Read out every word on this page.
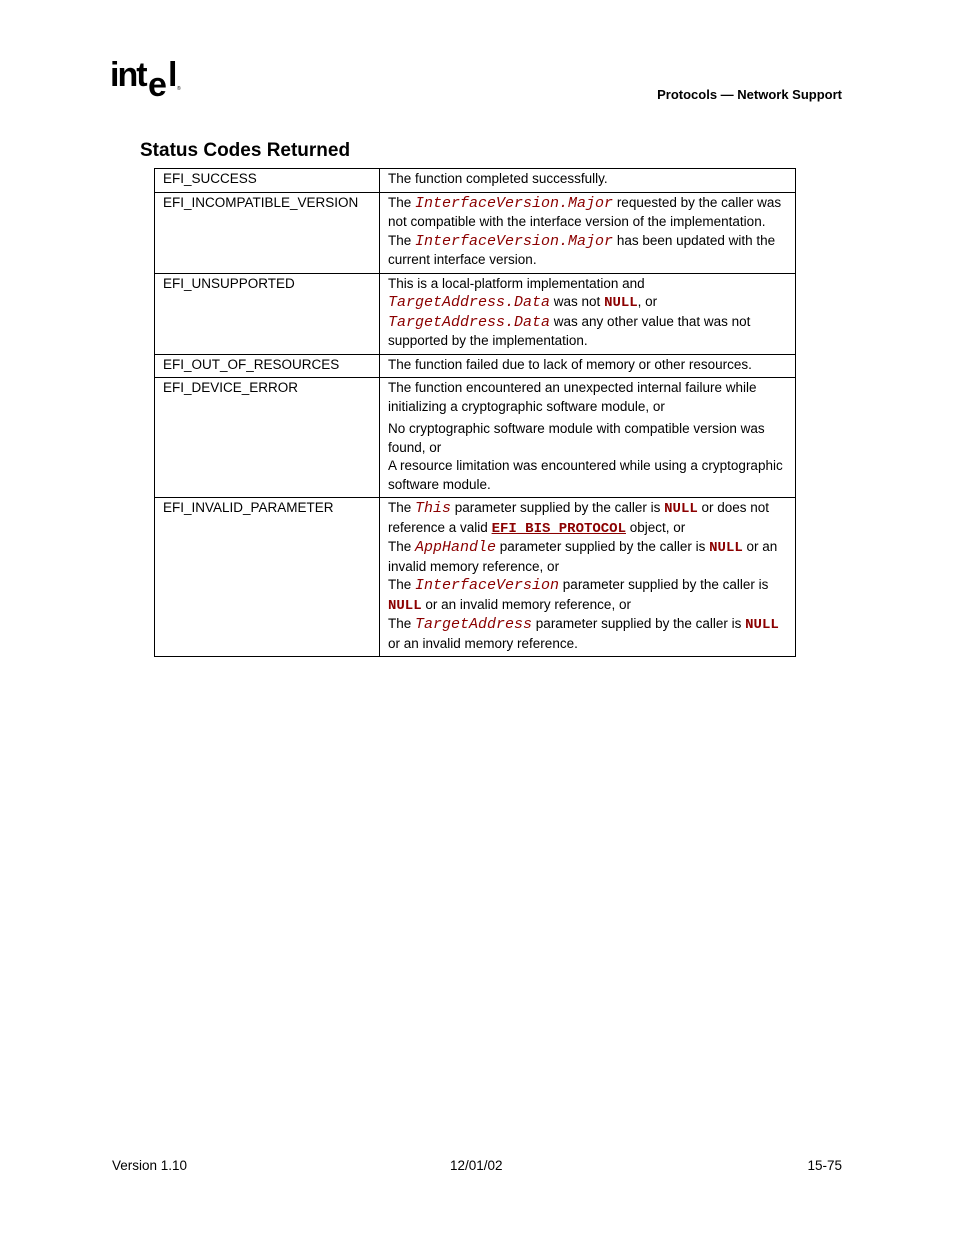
int e l ®	Protocols — Network Support
Status Codes Returned
EFI_SUCCESS	The function completed successfully.
EFI_INCOMPATIBLE_VERSION	The InterfaceVersion.Major requested by the caller was not compatible with the interface version of the implementation. The InterfaceVersion.Major has been updated with the current interface version.
EFI_UNSUPPORTED	This is a local-platform implementation and TargetAddress.Data was not NULL, or TargetAddress.Data was any other value that was not supported by the implementation.
EFI_OUT_OF_RESOURCES	The function failed due to lack of memory or other resources.
EFI_DEVICE_ERROR	The function encountered an unexpected internal failure while initializing a cryptographic software module, or
No cryptographic software module with compatible version was found, or
A resource limitation was encountered while using a cryptographic software module.

EFI_INVALID_PARAMETER	The This parameter supplied by the caller is NULL or does not reference a valid EFI_BIS_PROTOCOL object, or
The AppHandle parameter supplied by the caller is NULL or an invalid memory reference, or
The InterfaceVersion parameter supplied by the caller is NULL or an invalid memory reference, or
The TargetAddress parameter supplied by the caller is NULL or an invalid memory reference.
Version 1.10	12/01/02	15-75
